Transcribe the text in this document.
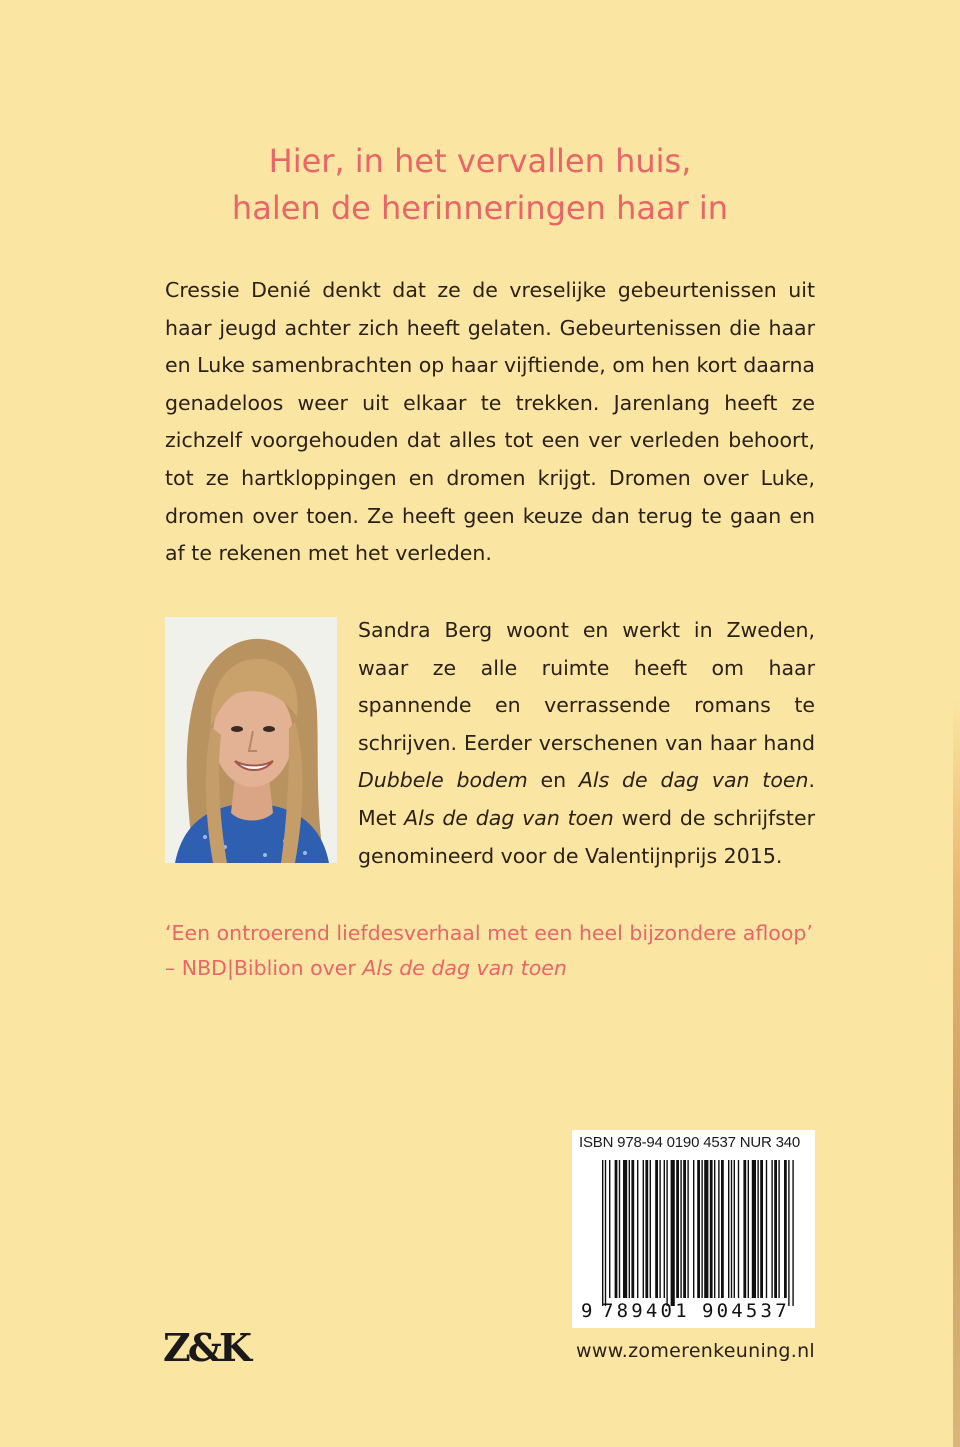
Hier, in het vervallen huis,
halen de herinneringen haar in

Cressie Denié denkt dat ze de vreselijke gebeurtenissen uit haar jeugd achter zich heeft gelaten. Gebeurtenissen die haar en Luke samenbrachten op haar vijftiende, om hen kort daarna genadeloos weer uit elkaar te trekken. Jarenlang heeft ze zichzelf voorgehouden dat alles tot een ver verleden behoort, tot ze hartkloppingen en dromen krijgt. Dromen over Luke, dromen over toen. Ze heeft geen keuze dan terug te gaan en af te rekenen met het verleden.

Sandra Berg woont en werkt in Zweden, waar ze alle ruimte heeft om haar spannende en verrassende romans te schrijven. Eerder verschenen van haar hand Dubbele bodem en Als de dag van toen. Met Als de dag van toen werd de schrijfster genomineerd voor de Valentijnprijs 2015.

‘Een ontroerend liefdesverhaal met een heel bijzondere afloop’
– NBD|Biblion over Als de dag van toen

ISBN 978-94 0190 4537 NUR 340
9 789401 904537
Z&K	www.zomerenkeuning.nl
